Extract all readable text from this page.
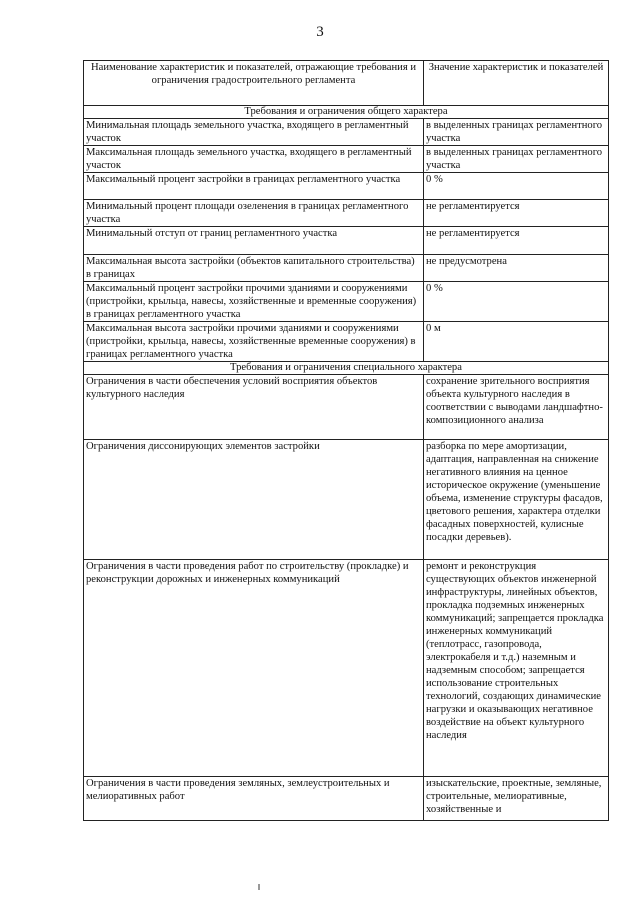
3
Наименование характеристик и показателей, отражающие требования и ограничения градостроительного регламента	Значение характеристик и показателей
Требования и ограничения общего характера	
Минимальная площадь земельного участка, входящего в регламентный участок	в выделенных границах регламентного участка
Максимальная площадь земельного участка, входящего в регламентный участок	в выделенных границах регламентного участка
Максимальный процент застройки в границах регламентного участка	0 %
Минимальный процент площади озеленения в границах регламентного участка	не регламентируется
Минимальный отступ от границ регламентного участка	не регламентируется
Максимальная высота застройки (объектов капитального строительства) в границах	не предусмотрена
Максимальный процент застройки прочими зданиями и сооружениями (пристройки, крыльца, навесы, хозяйственные и временные сооружения) в границах регламентного участка	0 %
Максимальная высота застройки прочими зданиями и сооружениями (пристройки, крыльца, навесы, хозяйственные временные сооружения) в границах регламентного участка	0 м
Требования и ограничения специального характера	
Ограничения в части обеспечения условий восприятия объектов культурного наследия	сохранение зрительного восприятия объекта культурного наследия в соответствии с выводами ландшафтно-композиционного анализа
Ограничения диссонирующих элементов застройки	разборка по мере амортизации, адаптация, направленная на снижение негативного влияния на ценное историческое окружение (уменьшение объема, изменение структуры фасадов, цветового решения, характера отделки фасадных поверхностей, кулисные посадки деревьев).
Ограничения в части проведения работ по строительству (прокладке) и реконструкции дорожных и инженерных коммуникаций	ремонт и реконструкция существующих объектов инженерной инфраструктуры, линейных объектов, прокладка подземных инженерных коммуникаций; запрещается прокладка инженерных коммуникаций (теплотрасс, газопровода, электрокабеля и т.д.) наземным и надземным способом; запрещается использование строительных технологий, создающих динамические нагрузки и оказывающих негативное воздействие на объект культурного наследия
Ограничения в части проведения земляных, землеустроительных и мелиоративных работ	изыскательские, проектные, земляные, строительные, мелиоративные, хозяйственные и
